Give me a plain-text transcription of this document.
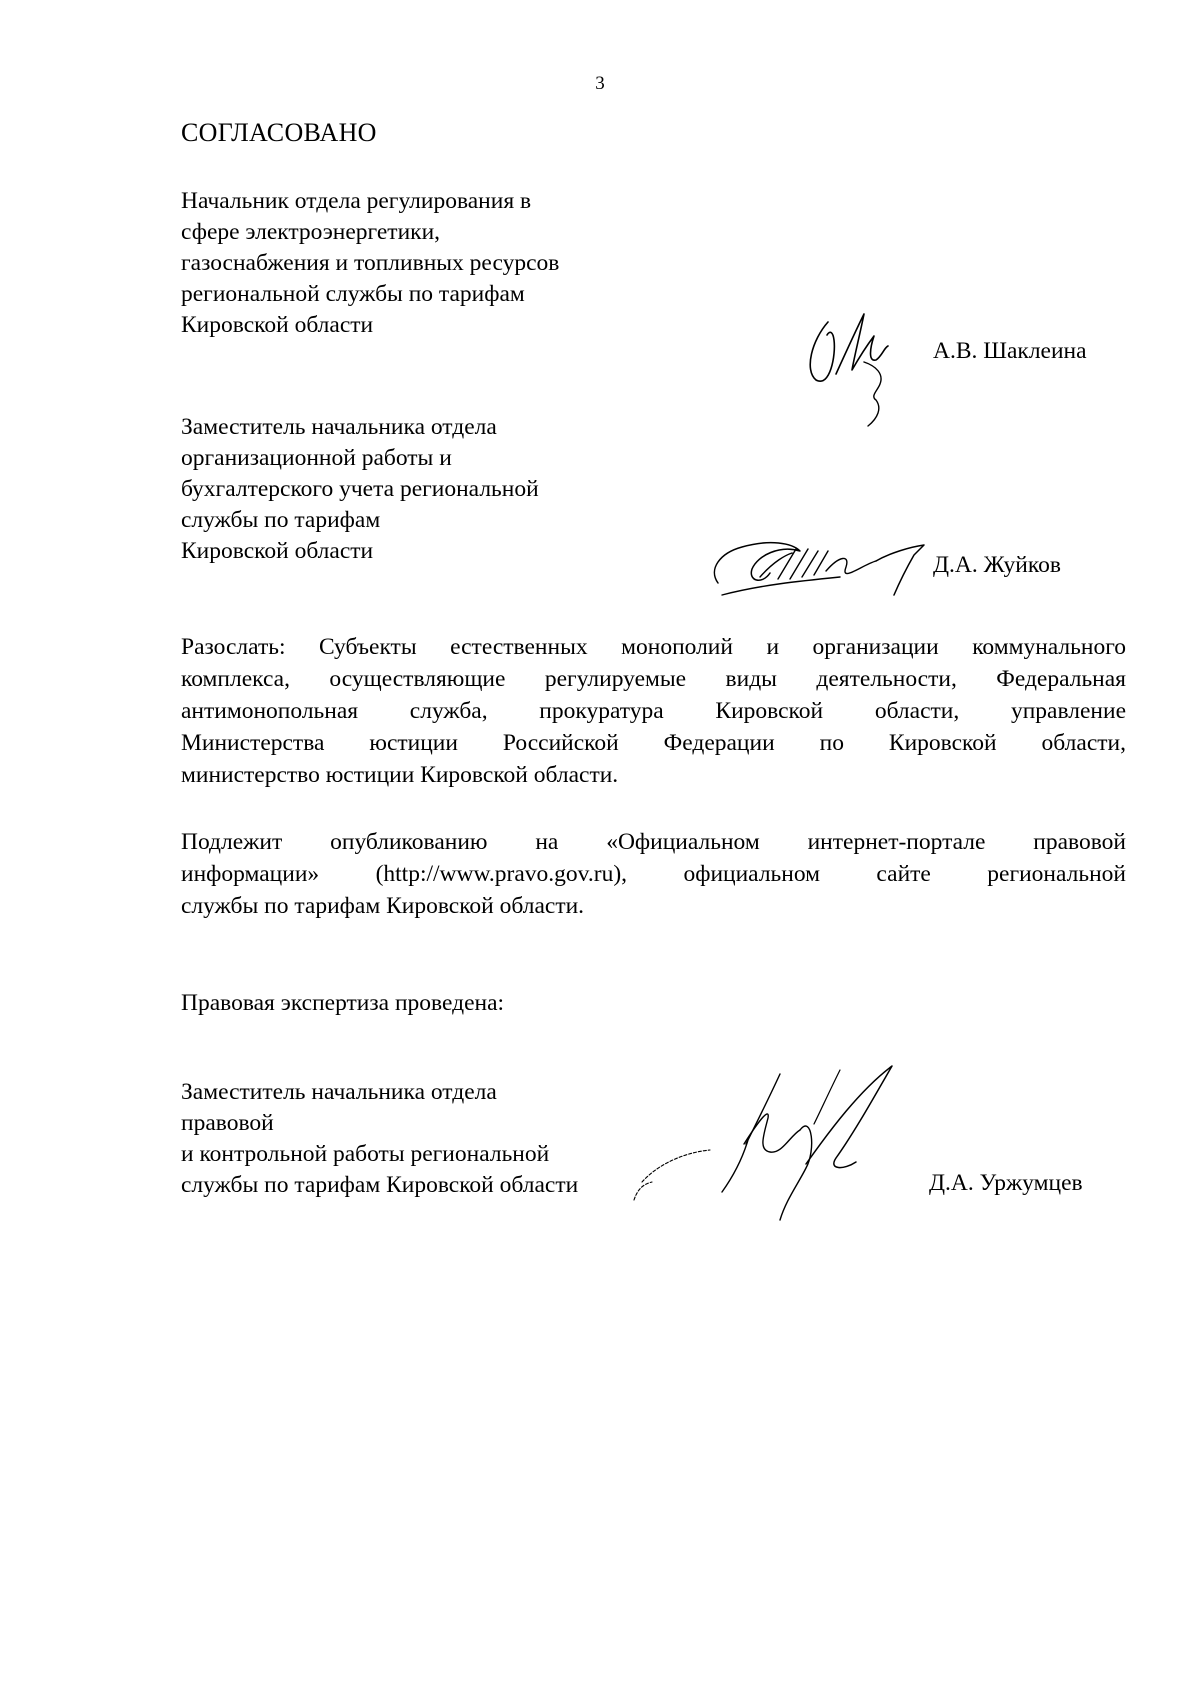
3
СОГЛАСОВАНО
Начальник отдела регулирования в
сфере электроэнергетики,
газоснабжения и топливных ресурсов
региональной службы по тарифам
Кировской области
А.В. Шаклеина
Заместитель начальника отдела
организационной работы и
бухгалтерского учета региональной
службы по тарифам
Кировской области
Д.А. Жуйков
Разослать: Субъекты естественных монополий и организации коммунального
комплекса, осуществляющие регулируемые виды деятельности, Федеральная
антимонопольная служба, прокуратура Кировской области, управление
Министерства юстиции Российской Федерации по Кировской области,
министерство юстиции Кировской области.
Подлежит опубликованию на «Официальном интернет-портале правовой
информации» (http://www.pravo.gov.ru), официальном сайте региональной
службы по тарифам Кировской области.
Правовая экспертиза проведена:
Заместитель начальника отдела
правовой
и контрольной работы региональной
службы по тарифам Кировской области	Д.А. Уржумцев
